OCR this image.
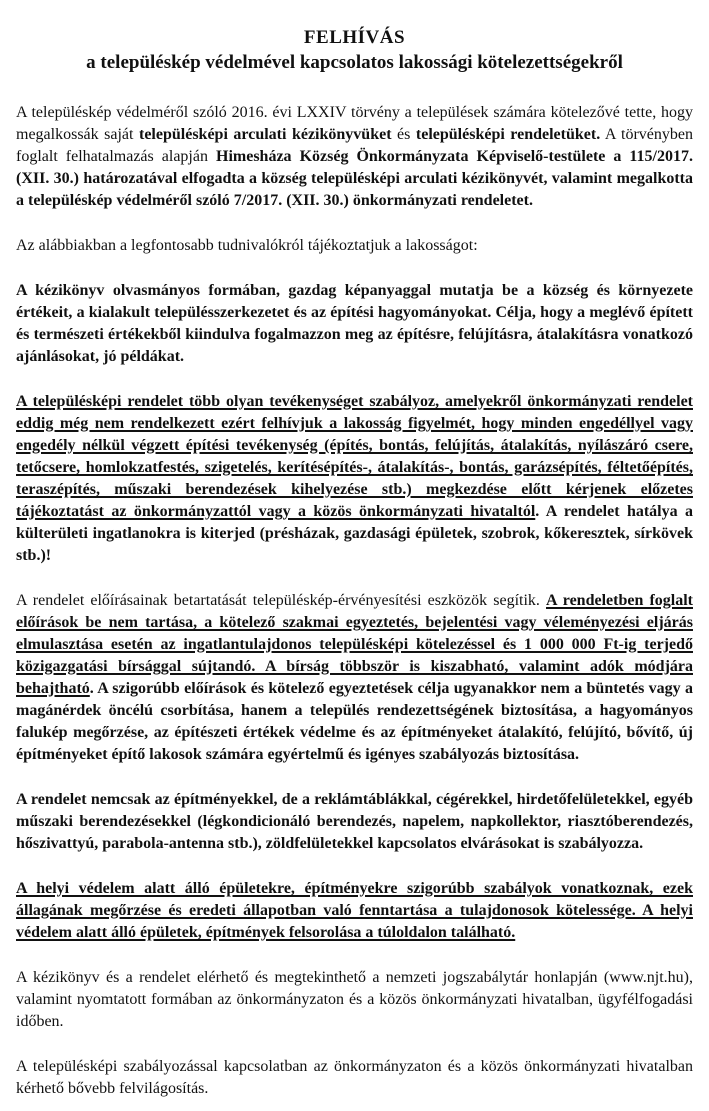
FELHÍVÁS
a településkép védelmével kapcsolatos lakossági kötelezettségekről

A településkép védelméről szóló 2016. évi LXXIV törvény a települések számára kötelezővé tette, hogy megalkossák saját településképi arculati kézikönyvüket és településképi rendeletüket. A törvényben foglalt felhatalmazás alapján Himesháza Község Önkormányzata Képviselő-testülete a 115/2017. (XII. 30.) határozatával elfogadta a község településképi arculati kézikönyvét, valamint megalkotta a településkép védelméről szóló 7/2017. (XII. 30.) önkormányzati rendeletet.

Az alábbiakban a legfontosabb tudnivalókról tájékoztatjuk a lakosságot:

A kézikönyv olvasmányos formában, gazdag képanyaggal mutatja be a község és környezete értékeit, a kialakult településszerkezetet és az építési hagyományokat. Célja, hogy a meglévő épített és természeti értékekből kiindulva fogalmazzon meg az építésre, felújításra, átalakításra vonatkozó ajánlásokat, jó példákat.

A településképi rendelet több olyan tevékenységet szabályoz, amelyekről önkormányzati rendelet eddig még nem rendelkezett ezért felhívjuk a lakosság figyelmét, hogy minden engedéllyel vagy engedély nélkül végzett építési tevékenység (építés, bontás, felújítás, átalakítás, nyílászáró csere, tetőcsere, homlokzatfestés, szigetelés, kerítésépítés-, átalakítás-, bontás, garázsépítés, féltetőépítés, teraszépítés, műszaki berendezések kihelyezése stb.) megkezdése előtt kérjenek előzetes tájékoztatást az önkormányzattól vagy a közös önkormányzati hivataltól. A rendelet hatálya a külterületi ingatlanokra is kiterjed (présházak, gazdasági épületek, szobrok, kőkeresztek, sírkövek stb.)!

A rendelet előírásainak betartatását településkép-érvényesítési eszközök segítik. A rendeletben foglalt előírások be nem tartása, a kötelező szakmai egyeztetés, bejelentési vagy véleményezési eljárás elmulasztása esetén az ingatlantulajdonos településképi kötelezéssel és 1 000 000 Ft-ig terjedő közigazgatási bírsággal sújtandó. A bírság többször is kiszabható, valamint adók módjára behajtható. A szigorúbb előírások és kötelező egyeztetések célja ugyanakkor nem a büntetés vagy a magánérdek öncélú csorbítása, hanem a település rendezettségének biztosítása, a hagyományos falukép megőrzése, az építészeti értékek védelme és az építményeket átalakító, felújító, bővítő, új építményeket építő lakosok számára egyértelmű és igényes szabályozás biztosítása.

A rendelet nemcsak az építményekkel, de a reklámtáblákkal, cégérekkel, hirdetőfelületekkel, egyéb műszaki berendezésekkel (légkondicionáló berendezés, napelem, napkollektor, riasztóberendezés, hőszivattyú, parabola-antenna stb.), zöldfelületekkel kapcsolatos elvárásokat is szabályozza.

A helyi védelem alatt álló épületekre, építményekre szigorúbb szabályok vonatkoznak, ezek állagának megőrzése és eredeti állapotban való fenntartása a tulajdonosok kötelessége. A helyi védelem alatt álló épületek, építmények felsorolása a túloldalon található.

A kézikönyv és a rendelet elérhető és megtekinthető a nemzeti jogszabálytár honlapján (www.njt.hu), valamint nyomtatott formában az önkormányzaton és a közös önkormányzati hivatalban, ügyfélfogadási időben.

A településképi szabályozással kapcsolatban az önkormányzaton és a közös önkormányzati hivatalban kérhető bővebb felvilágosítás.
